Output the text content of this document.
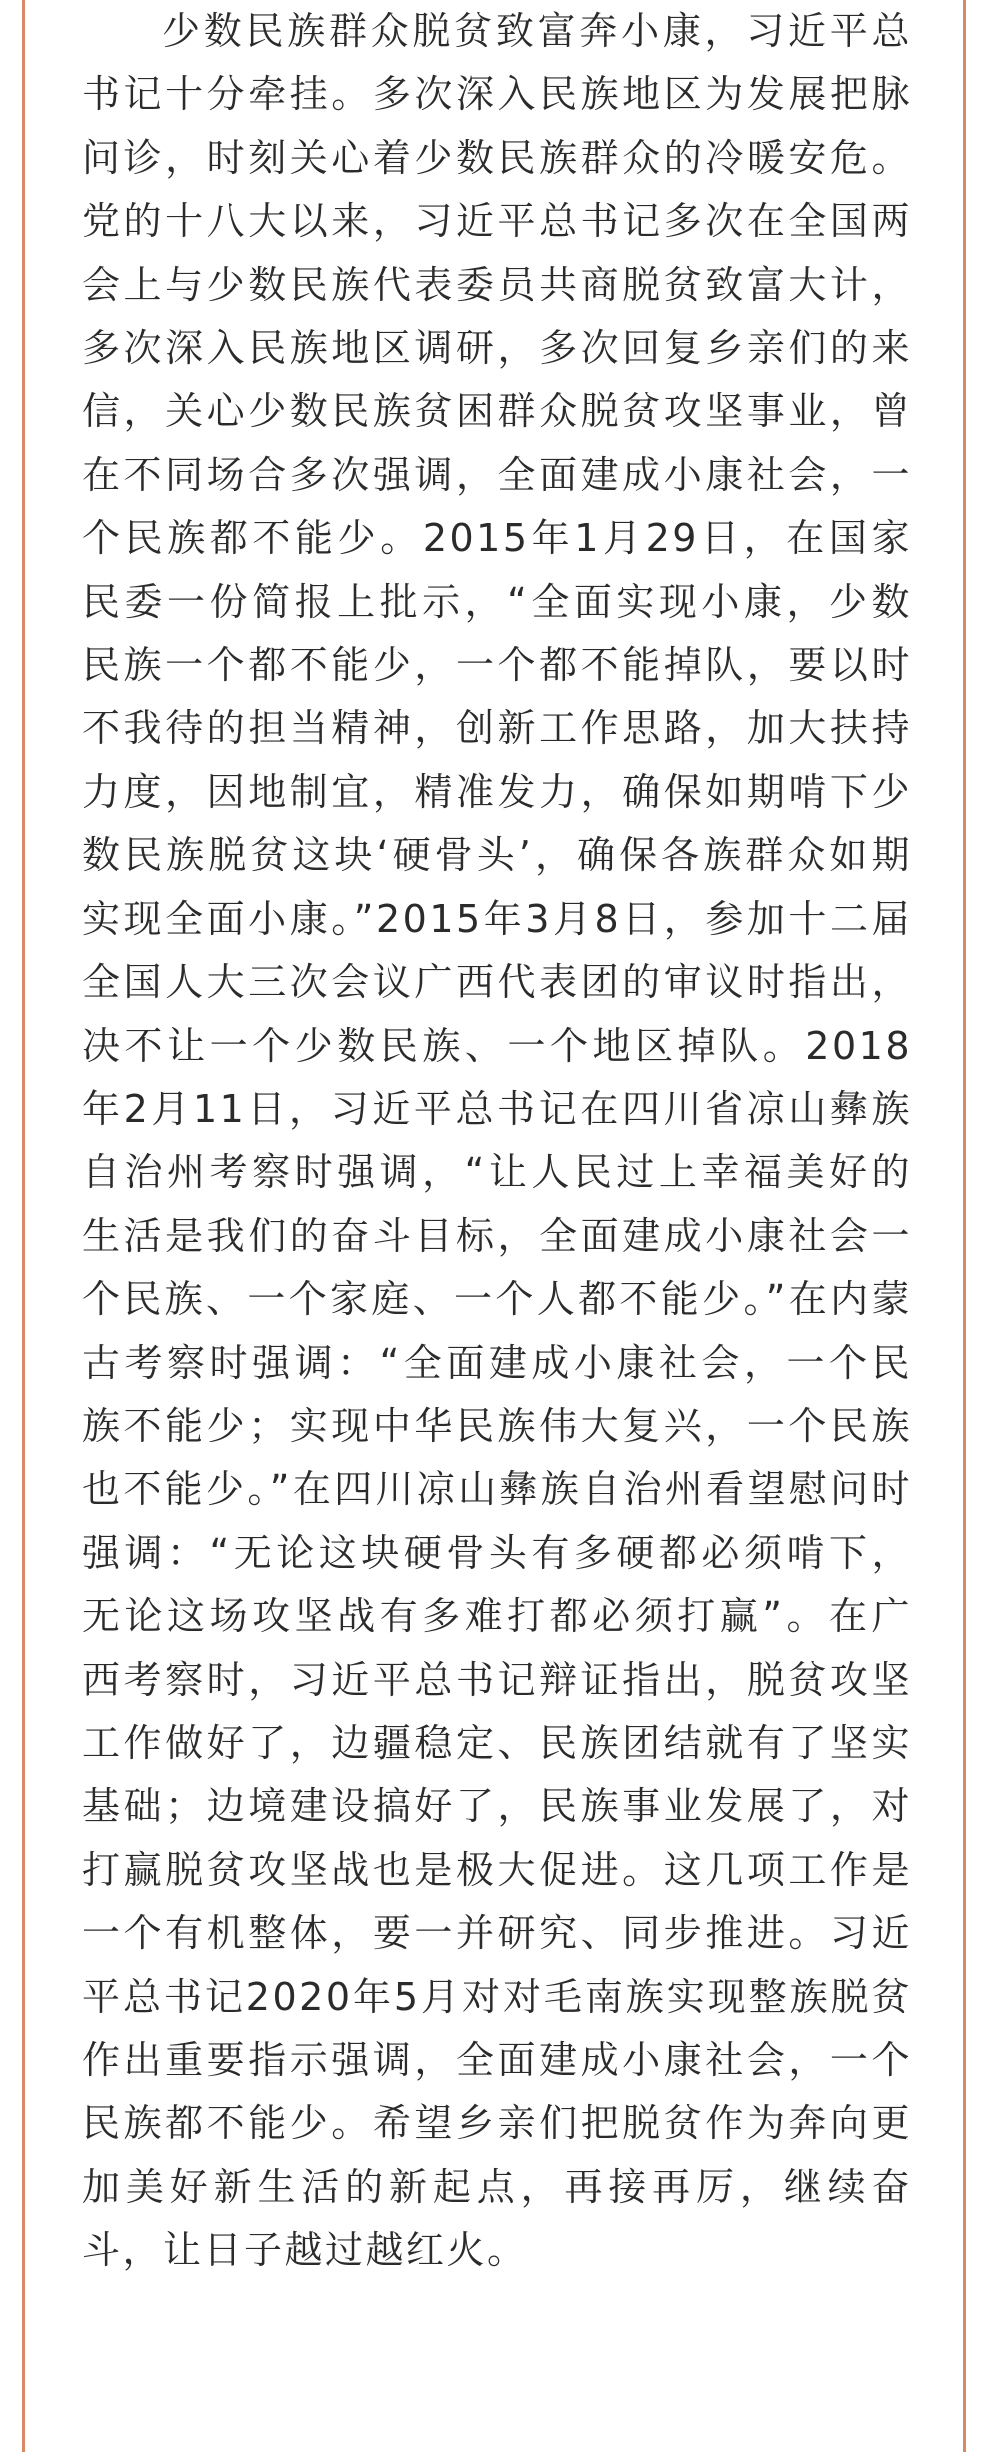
少数民族群众脱贫致富奔小康，习近平总书记十分牵挂。多次深入民族地区为发展把脉问诊，时刻关心着少数民族群众的冷暖安危。党的十八大以来，习近平总书记多次在全国两会上与少数民族代表委员共商脱贫致富大计，多次深入民族地区调研，多次回复乡亲们的来信，关心少数民族贫困群众脱贫攻坚事业，曾在不同场合多次强调，全面建成小康社会，一个民族都不能少。2015年1月29日，在国家民委一份简报上批示，“全面实现小康，少数民族一个都不能少，一个都不能掉队，要以时不我待的担当精神，创新工作思路，加大扶持力度，因地制宜，精准发力，确保如期啃下少数民族脱贫这块‘硬骨头’，确保各族群众如期实现全面小康。”2015年3月8日，参加十二届全国人大三次会议广西代表团的审议时指出，决不让一个少数民族、一个地区掉队。2018年2月11日，习近平总书记在四川省凉山彝族自治州考察时强调，“让人民过上幸福美好的生活是我们的奋斗目标，全面建成小康社会一个民族、一个家庭、一个人都不能少。”在内蒙古考察时强调：“全面建成小康社会，一个民族不能少；实现中华民族伟大复兴，一个民族也不能少。”在四川凉山彝族自治州看望慰问时强调：“无论这块硬骨头有多硬都必须啃下，无论这场攻坚战有多难打都必须打赢”。在广西考察时，习近平总书记辩证指出，脱贫攻坚工作做好了，边疆稳定、民族团结就有了坚实基础；边境建设搞好了，民族事业发展了，对打赢脱贫攻坚战也是极大促进。这几项工作是一个有机整体，要一并研究、同步推进。习近平总书记2020年5月对对毛南族实现整族脱贫作出重要指示强调，全面建成小康社会，一个民族都不能少。希望乡亲们把脱贫作为奔向更加美好新生活的新起点，再接再厉，继续奋斗，让日子越过越红火。
